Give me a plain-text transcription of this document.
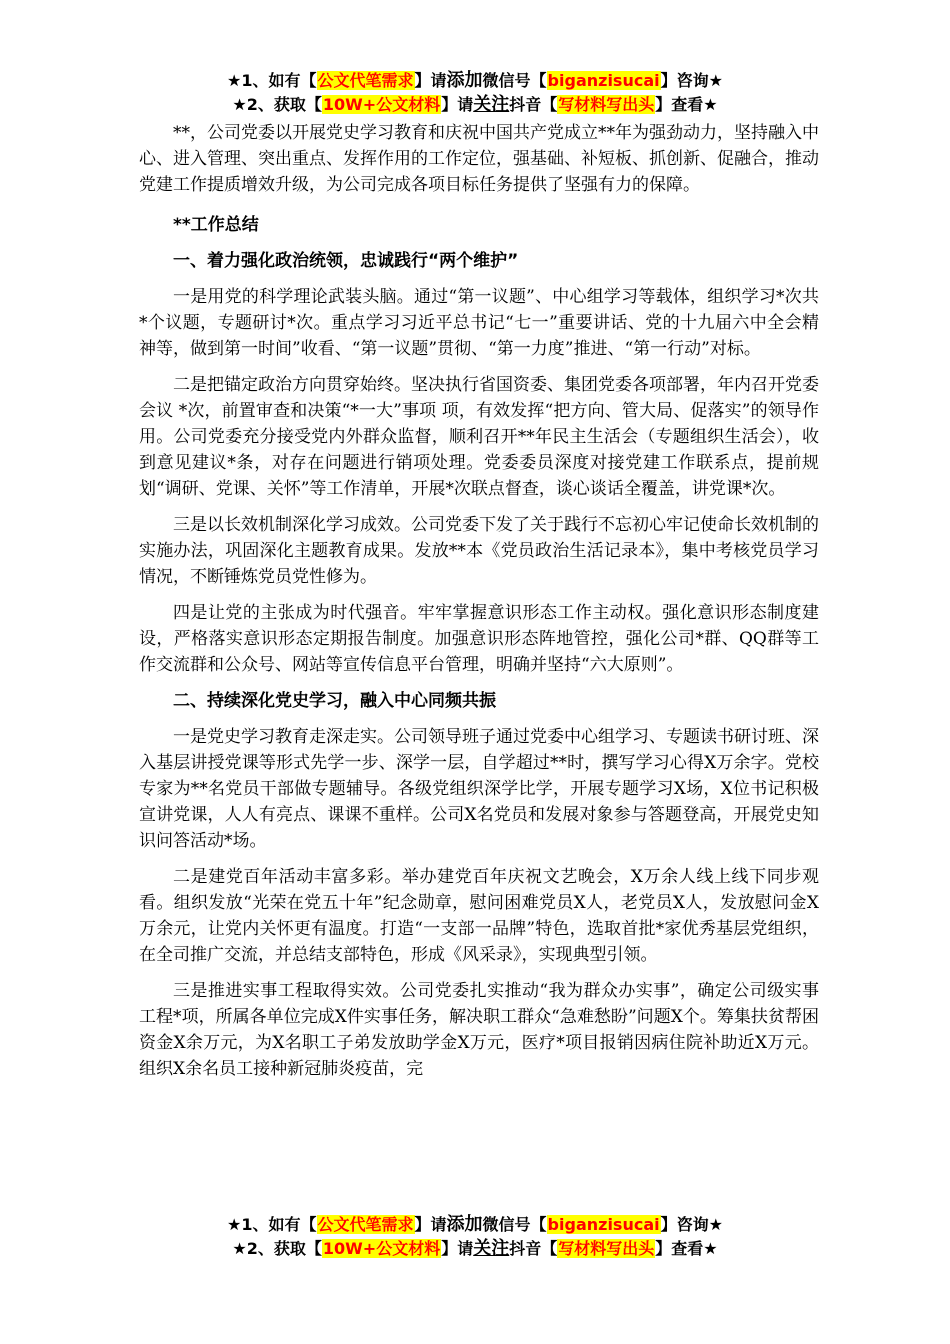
★1、如有【公文代笔需求】请添加微信号【biganzisucai】咨询★
★2、获取【10W+公文材料】请关注抖音【写材料写出头】查看★

**，公司党委以开展党史学习教育和庆祝中国共产党成立**年为强劲动力，坚持融入中心、进入管理、突出重点、发挥作用的工作定位，强基础、补短板、抓创新、促融合，推动党建工作提质增效升级，为公司完成各项目标任务提供了坚强有力的保障。

**工作总结
一、着力强化政治统领，忠诚践行“两个维护”

一是用党的科学理论武装头脑。通过“第一议题”、中心组学习等载体，组织学习*次共*个议题，专题研讨*次。重点学习习近平总书记“七一”重要讲话、党的十九届六中全会精神等，做到第一时间”收看、“第一议题”贯彻、“第一力度”推进、“第一行动”对标。

二是把锚定政治方向贯穿始终。坚决执行省国资委、集团党委各项部署，年内召开党委会议 *次，前置审查和决策“*一大”事项 项，有效发挥“把方向、管大局、促落实”的领导作用。公司党委充分接受党内外群众监督，顺利召开**年民主生活会（专题组织生活会），收到意见建议*条，对存在问题进行销项处理。党委委员深度对接党建工作联系点，提前规划“调研、党课、关怀”等工作清单，开展*次联点督查，谈心谈话全覆盖，讲党课*次。

三是以长效机制深化学习成效。公司党委下发了关于践行不忘初心牢记使命长效机制的实施办法，巩固深化主题教育成果。发放**本《党员政治生活记录本》，集中考核党员学习情况，不断锤炼党员党性修为。

四是让党的主张成为时代强音。牢牢掌握意识形态工作主动权。强化意识形态制度建设，严格落实意识形态定期报告制度。加强意识形态阵地管控，强化公司*群、QQ群等工作交流群和公众号、网站等宣传信息平台管理，明确并坚持“六大原则”。

二、持续深化党史学习，融入中心同频共振

一是党史学习教育走深走实。公司领导班子通过党委中心组学习、专题读书研讨班、深入基层讲授党课等形式先学一步、深学一层，自学超过**时，撰写学习心得X万余字。党校专家为**名党员干部做专题辅导。各级党组织深学比学，开展专题学习X场，X位书记积极宣讲党课，人人有亮点、课课不重样。公司X名党员和发展对象参与答题登高，开展党史知识问答活动*场。

二是建党百年活动丰富多彩。举办建党百年庆祝文艺晚会，X万余人线上线下同步观看。组织发放“光荣在党五十年”纪念勋章，慰问困难党员X人，老党员X人，发放慰问金X万余元，让党内关怀更有温度。打造“一支部一品牌”特色，选取首批*家优秀基层党组织，在全司推广交流，并总结支部特色，形成《风采录》，实现典型引领。

三是推进实事工程取得实效。公司党委扎实推动“我为群众办实事”，确定公司级实事工程*项，所属各单位完成X件实事任务，解决职工群众“急难愁盼”问题X个。筹集扶贫帮困资金X余万元，为X名职工子弟发放助学金X万元，医疗*项目报销因病住院补助近X万元。组织X余名员工接种新冠肺炎疫苗，完

★1、如有【公文代笔需求】请添加微信号【biganzisucai】咨询★
★2、获取【10W+公文材料】请关注抖音【写材料写出头】查看★
